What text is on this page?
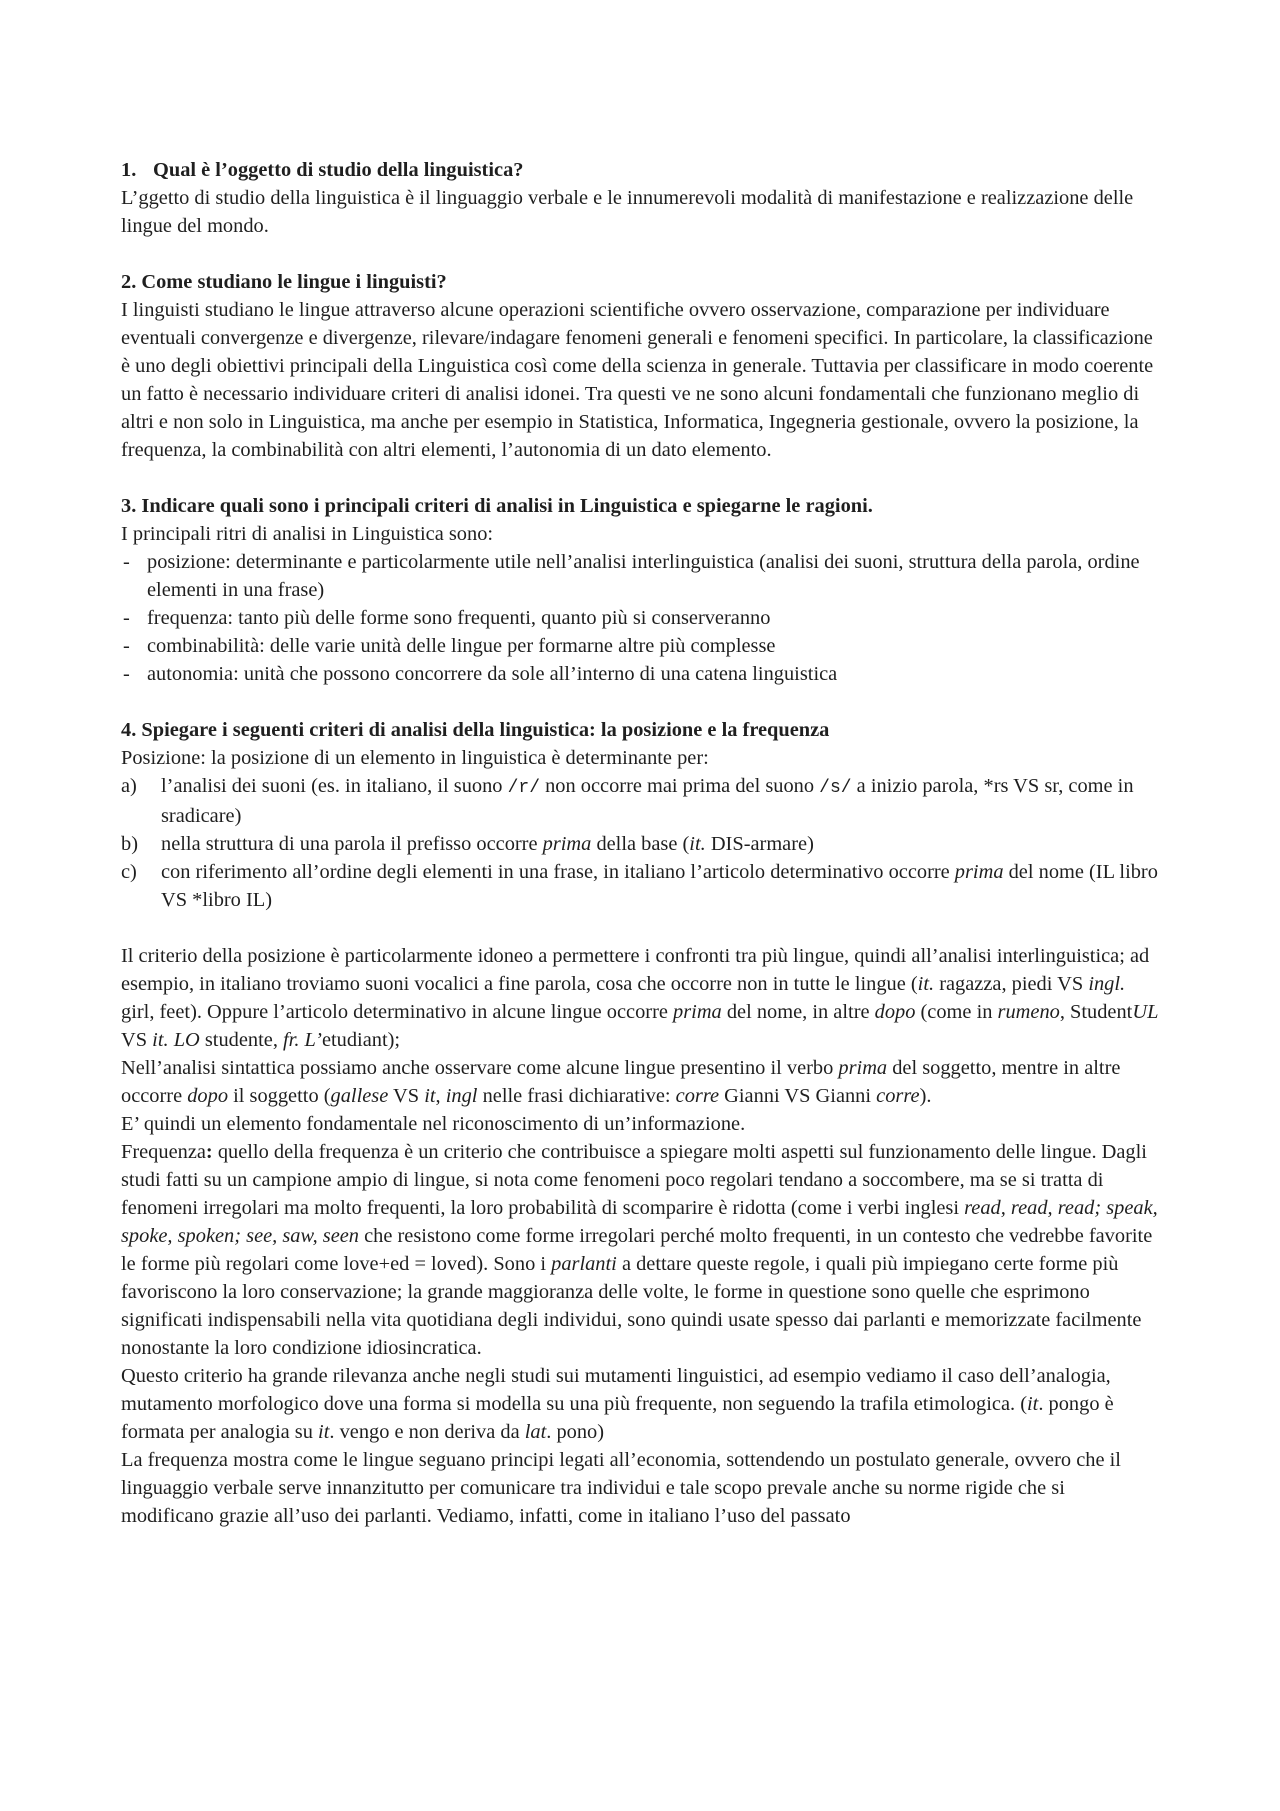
1. Qual è l’oggetto di studio della linguistica?

L’ggetto di studio della linguistica è il linguaggio verbale e le innumerevoli modalità di manifestazione e realizzazione delle lingue del mondo.

2. Come studiano le lingue i linguisti?

I linguisti studiano le lingue attraverso alcune operazioni scientifiche ovvero osservazione, comparazione per individuare eventuali convergenze e divergenze, rilevare/indagare fenomeni generali e fenomeni specifici. In particolare, la classificazione è uno degli obiettivi principali della Linguistica così come della scienza in generale. Tuttavia per classificare in modo coerente un fatto è necessario individuare criteri di analisi idonei. Tra questi ve ne sono alcuni fondamentali che funzionano meglio di altri e non solo in Linguistica, ma anche per esempio in Statistica, Informatica, Ingegneria gestionale, ovvero la posizione, la frequenza, la combinabilità con altri elementi, l’autonomia di un dato elemento.

3. Indicare quali sono i principali criteri di analisi in Linguistica e spiegarne le ragioni.

I principali ritri di analisi in Linguistica sono:

- posizione: determinante e particolarmente utile nell’analisi interlinguistica (analisi dei suoni, struttura della parola, ordine elementi in una frase)
- frequenza: tanto più delle forme sono frequenti, quanto più si conserveranno
- combinabilità: delle varie unità delle lingue per formarne altre più complesse
- autonomia: unità che possono concorrere da sole all’interno di una catena linguistica

4. Spiegare i seguenti criteri di analisi della linguistica: la posizione e la frequenza

Posizione: la posizione di un elemento in linguistica è determinante per:

a) l’analisi dei suoni (es. in italiano, il suono /r/ non occorre mai prima del suono /s/ a inizio parola, *rs VS sr, come in sradicare)
b) nella struttura di una parola il prefisso occorre prima della base (it. DIS-armare)
c) con riferimento all’ordine degli elementi in una frase, in italiano l’articolo determinativo occorre prima del nome (IL libro VS *libro IL)

Il criterio della posizione è particolarmente idoneo a permettere i confronti tra più lingue, quindi all’analisi interlinguistica; ad esempio, in italiano troviamo suoni vocalici a fine parola, cosa che occorre non in tutte le lingue (it. ragazza, piedi VS ingl. girl, feet). Oppure l’articolo determinativo in alcune lingue occorre prima del nome, in altre dopo (come in rumeno, StudentUL VS it. LO studente, fr. L’etudiant);

Nell’analisi sintattica possiamo anche osservare come alcune lingue presentino il verbo prima del soggetto, mentre in altre occorre dopo il soggetto (gallese VS it, ingl nelle frasi dichiarative: corre Gianni VS Gianni corre).

E’ quindi un elemento fondamentale nel riconoscimento di un’informazione.

Frequenza: quello della frequenza è un criterio che contribuisce a spiegare molti aspetti sul funzionamento delle lingue. Dagli studi fatti su un campione ampio di lingue, si nota come fenomeni poco regolari tendano a soccombere, ma se si tratta di fenomeni irregolari ma molto frequenti, la loro probabilità di scomparire è ridotta (come i verbi inglesi read, read, read; speak, spoke, spoken; see, saw, seen che resistono come forme irregolari perché molto frequenti, in un contesto che vedrebbe favorite le forme più regolari come love+ed = loved). Sono i parlanti a dettare queste regole, i quali più impiegano certe forme più favoriscono la loro conservazione; la grande maggioranza delle volte, le forme in questione sono quelle che esprimono significati indispensabili nella vita quotidiana degli individui, sono quindi usate spesso dai parlanti e memorizzate facilmente nonostante la loro condizione idiosincratica.

Questo criterio ha grande rilevanza anche negli studi sui mutamenti linguistici, ad esempio vediamo il caso dell’analogia, mutamento morfologico dove una forma si modella su una più frequente, non seguendo la trafila etimologica. (it. pongo è formata per analogia su it. vengo e non deriva da lat. pono)

La frequenza mostra come le lingue seguano principi legati all’economia, sottendendo un postulato generale, ovvero che il linguaggio verbale serve innanzitutto per comunicare tra individui e tale scopo prevale anche su norme rigide che si modificano grazie all’uso dei parlanti. Vediamo, infatti, come in italiano l’uso del passato
